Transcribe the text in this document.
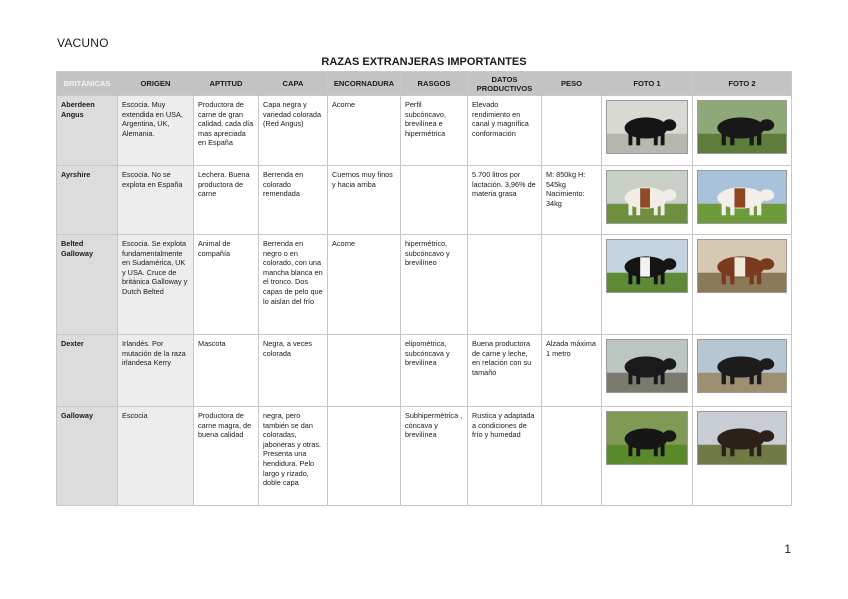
VACUNO
RAZAS EXTRANJERAS IMPORTANTES
BRITÁNICAS	ORIGEN	APTITUD	CAPA	ENCORNADURA	RASGOS	DATOS PRODUCTIVOS	PESO	FOTO 1	FOTO 2
Aberdeen Angus	Escocia. Muy extendida en USA, Argentina, UK, Alemania.	Productora de carne de gran calidad, cada día mas apreciada en España	Capa negra y variedad colorada (Red Angus)	Acorne	Perfil subcóncavo, brevilínea e hipermétrica	Elevado rendimiento en canal y magnífica conformación		

Ayrshire	Escocia. No se explota en España	Lechera. Buena productora de carne	Berrenda en colorado remendada	Cuernos muy finos y hacia arriba		5.700 litros por lactación. 3,96% de materia grasa	M: 850kg H: 545kg Nacimiento: 34kg	

Belted Galloway	Escocia. Se explota fundamentalmente en Sudamérica, UK y USA. Cruce de británica Galloway y Dutch Belted	Animal de compañía	Berrenda en negro o en colorado, con una mancha blanca en el tronco. Dos capas de pelo que lo aislan del frío	Acorne	hipermétrico, subcóncavo y brevilíneo			

Dexter	Irlandés. Por mutación de la raza irlandesa Kerry	Mascota	Negra, a veces colorada		elipométrica, subcóncava y brevilínea	Buena productora de carne y leche, en relación con su tamaño	Alzada máxima 1 metro	

Galloway	Escocia	Productora de carne magra, de buena calidad	negra, pero también se dan coloradas, jaboneras y otras. Presenta una hendidura. Pelo largo y rizado, doble capa		Subhipermétrica , cóncava y brevilínea	Rustica y adaptada a condiciones de frío y humedad		

1
